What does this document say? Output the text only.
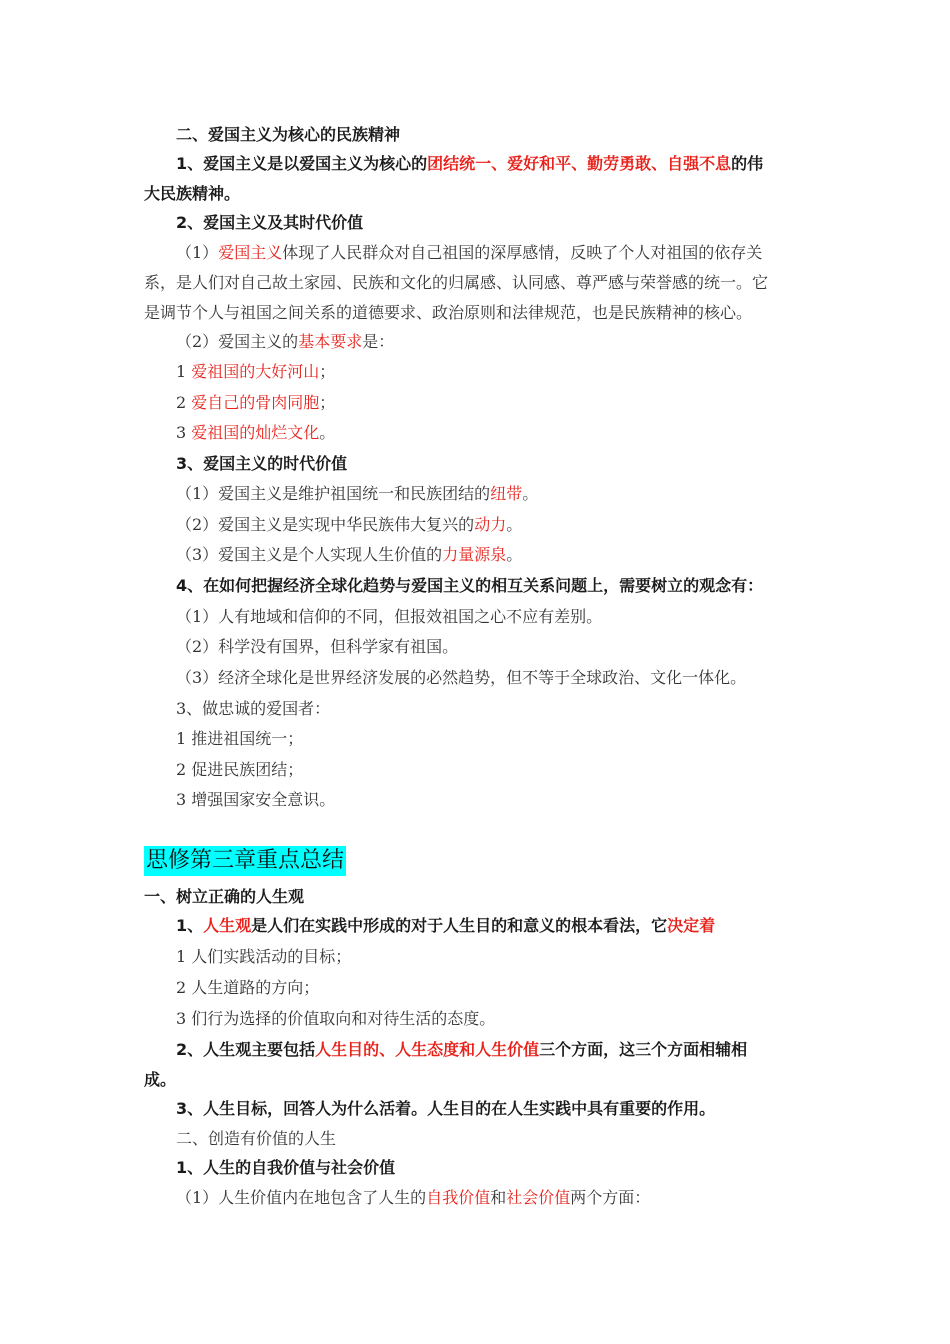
二、爱国主义为核心的民族精神
1、爱国主义是以爱国主义为核心的团结统一、爱好和平、勤劳勇敢、自强不息的伟
大民族精神。
2、爱国主义及其时代价值
（1）爱国主义体现了人民群众对自己祖国的深厚感情，反映了个人对祖国的依存关
系，是人们对自己故土家园、民族和文化的归属感、认同感、尊严感与荣誉感的统一。它
是调节个人与祖国之间关系的道德要求、政治原则和法律规范，也是民族精神的核心。
（2）爱国主义的基本要求是：
1 爱祖国的大好河山；
2 爱自己的骨肉同胞；
3 爱祖国的灿烂文化。
3、爱国主义的时代价值
（1）爱国主义是维护祖国统一和民族团结的纽带。
（2）爱国主义是实现中华民族伟大复兴的动力。
（3）爱国主义是个人实现人生价值的力量源泉。
4、在如何把握经济全球化趋势与爱国主义的相互关系问题上，需要树立的观念有：
（1）人有地域和信仰的不同，但报效祖国之心不应有差别。
（2）科学没有国界，但科学家有祖国。
（3）经济全球化是世界经济发展的必然趋势，但不等于全球政治、文化一体化。
3、做忠诚的爱国者：
1 推进祖国统一；
2 促进民族团结；
3 增强国家安全意识。
思修第三章重点总结
一、树立正确的人生观
1、人生观是人们在实践中形成的对于人生目的和意义的根本看法，它决定着
1 人们实践活动的目标；
2 人生道路的方向；
3 们行为选择的价值取向和对待生活的态度。
2、人生观主要包括人生目的、人生态度和人生价值三个方面，这三个方面相辅相
成。
3、人生目标，回答人为什么活着。人生目的在人生实践中具有重要的作用。
二、创造有价值的人生
1、人生的自我价值与社会价值
（1）人生价值内在地包含了人生的自我价值和社会价值两个方面：
